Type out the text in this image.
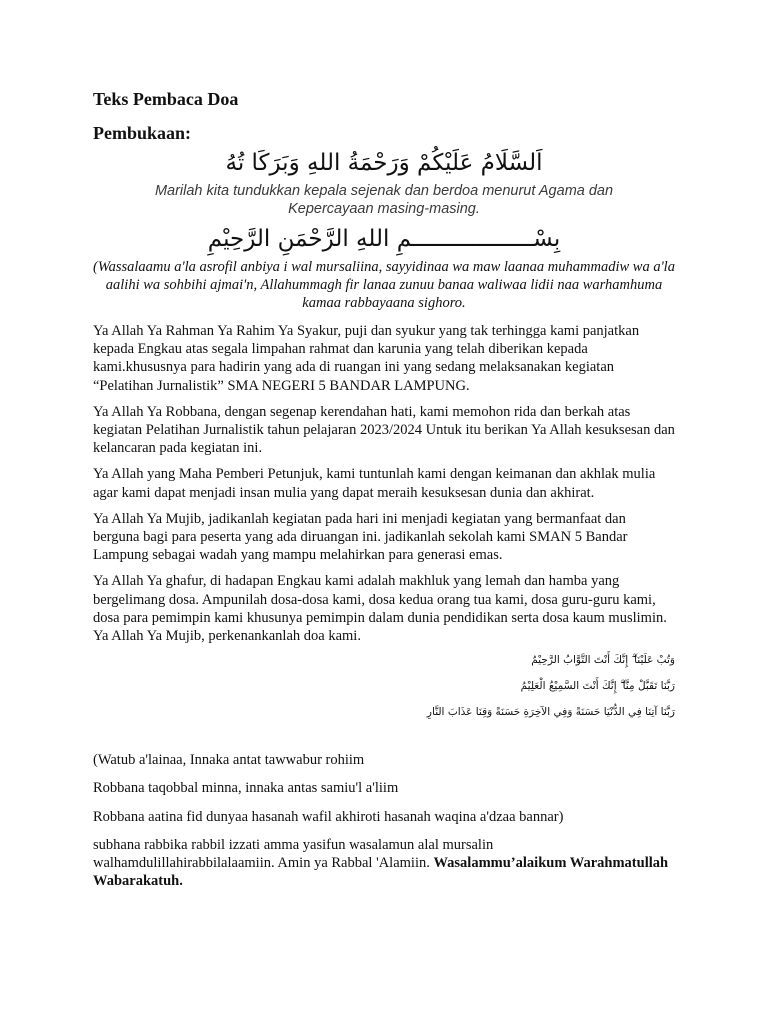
Teks Pembaca Doa

Pembukaan:

اَلسَّلَامُ عَلَيْكُمْ وَرَحْمَةُ اللهِ وَبَرَكَا تُهُ

Marilah kita tundukkan kepala sejenak dan berdoa menurut Agama dan Kepercayaan masing-masing.

بِسْــــــــــــــــــمِ اللهِ الرَّحْمَنِ الرَّحِيْمِ

(Wassalaamu a'la asrofil anbiya i wal mursaliina, sayyidinaa wa maw laanaa muhammadiw wa a'la aalihi wa sohbihi ajmai'n, Allahummagh fir lanaa zunuu banaa waliwaa lidii naa warhamhuma kamaa rabbayaana sighoro.

Ya Allah Ya Rahman Ya Rahim Ya Syakur, puji dan syukur yang tak terhingga kami panjatkan kepada Engkau atas segala limpahan rahmat dan karunia yang telah diberikan kepada kami.khususnya para hadirin yang ada di ruangan ini yang sedang melaksanakan kegiatan “Pelatihan Jurnalistik” SMA NEGERI 5 BANDAR LAMPUNG.

Ya Allah Ya Robbana, dengan segenap kerendahan hati, kami memohon rida dan berkah atas kegiatan Pelatihan Jurnalistik tahun pelajaran 2023/2024 Untuk itu berikan Ya Allah kesuksesan dan kelancaran pada kegiatan ini.

Ya Allah yang Maha Pemberi Petunjuk, kami tuntunlah kami dengan keimanan dan akhlak mulia agar kami dapat menjadi insan mulia yang dapat meraih kesuksesan dunia dan akhirat.

Ya Allah Ya Mujib, jadikanlah kegiatan pada hari ini menjadi kegiatan yang bermanfaat dan berguna bagi para peserta yang ada diruangan ini. jadikanlah sekolah kami SMAN 5 Bandar Lampung sebagai wadah yang mampu melahirkan para generasi emas.

Ya Allah Ya ghafur, di hadapan Engkau kami adalah makhluk yang lemah dan hamba yang bergelimang dosa. Ampunilah dosa-dosa kami, dosa kedua orang tua kami, dosa guru-guru kami, dosa para pemimpin kami khusunya pemimpin dalam dunia pendidikan serta dosa kaum muslimin. Ya Allah Ya Mujib, perkenankanlah doa kami.

وَتُبْ عَلَيْنَآ ۖ إِنَّكَ أَنْتَ التَّوَّابُ الرَّحِيْمُ

رَبَّنَا تَقَبَّلْ مِنَّآ ۖ إِنَّكَ أَنْتَ السَّمِيْعُ الْعَلِيْمُ

رَبَّنَا آتِنَا فِي الدُّنْيَا حَسَنَةً وَفِي الآخِرَةِ حَسَنَةً وَقِنَا عَذَابَ النَّارِ

(Watub a'lainaa, Innaka antat tawwabur rohiim

Robbana taqobbal minna, innaka antas samiu'l a'liim

Robbana aatina fid dunyaa hasanah wafil akhiroti hasanah waqina a'dzaa bannar)

subhana rabbika rabbil izzati amma yasifun wasalamun alal mursalin walhamdulillahirabbilalaamiin. Amin ya Rabbal 'Alamiin. Wasalammu’alaikum Warahmatullah Wabarakatuh.
